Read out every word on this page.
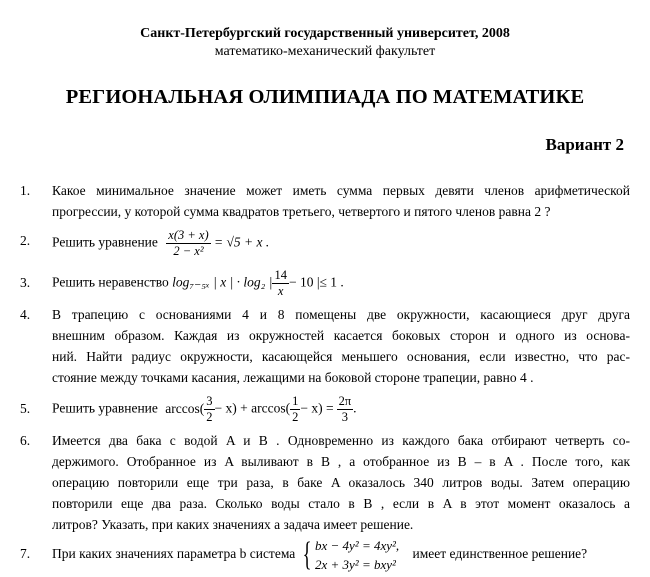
Санкт-Петербургский государственный университет, 2008
математико-механический факультет
РЕГИОНАЛЬНАЯ ОЛИМПИАДА ПО МАТЕМАТИКЕ
Вариант 2
1. Какое минимальное значение может иметь сумма первых девяти членов арифметической
прогрессии, у которой сумма квадратов третьего, четвертого и пятого членов равна 2 ?
2. Решить уравнение $\frac{x(3 + x)}{\text{2 − x²}} = √5 + x$ .
3. Решить неравенство log₇₋₅ₓ | x | · log₂ | $\frac{14}{x} - 10$ |≤ 1 .
4. В трапецию с основаниями 4 и 8 помещены две окружности, касающиеся друг друга
внешним образом. Каждая из окружностей касается боковых сторон и одного из основа-
ний. Найти радиус окружности, касающейся меньшего основания, если известно, что рас-
стояние между точками касания, лежащими на боковой стороне трапеции, равно 4 .
5. Решить уравнение $\arccos( \frac{3}{2} - x) + \arccos( \frac{1}{2} - x) = \frac{2\pi}{3}$ .
6. Имеется два бака с водой A и B . Одновременно из каждого бака отбирают четверть со-
держимого. Отобранное из A выливают в B , а отобранное из B – в A . После того, как
операцию повторили еще три раза, в баке A оказалось 340 литров воды. Затем операцию
повторили еще два раза. Сколько воды стало в B , если в A в этот момент оказалось a
литров? Указать, при каких значениях a задача имеет решение.
7. При каких значениях параметра b система { bx − 4y² = 4xy²,
2x + 3y² = bxy²
имеет единственное решение?
